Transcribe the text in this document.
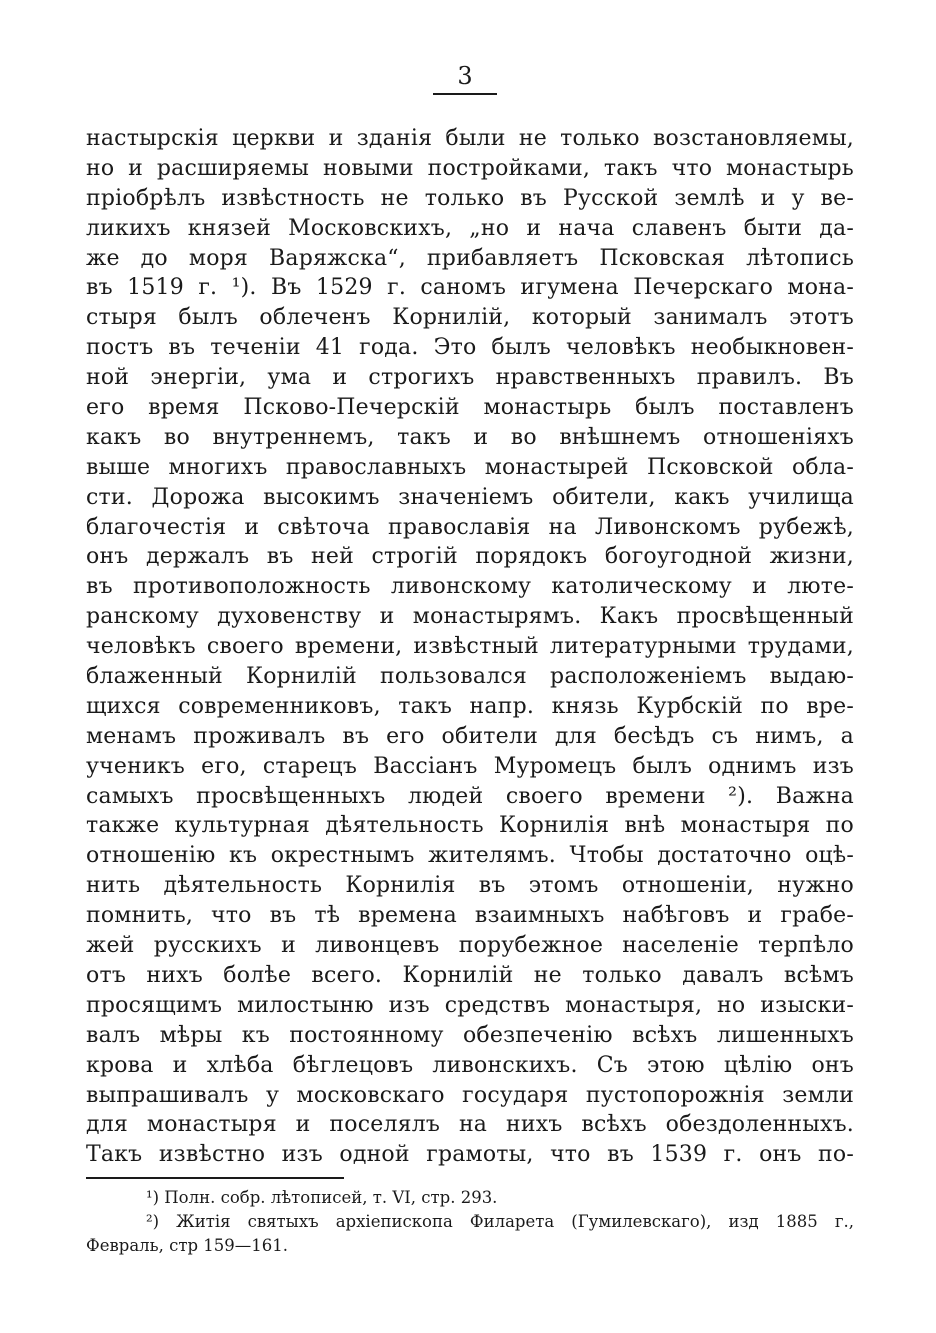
3
настырскія церкви и зданія были не только возстановляемы,
но и расширяемы новыми постройками, такъ что монастырь
пріобрѣлъ извѣстность не только въ Русской землѣ и у ве-
ликихъ князей Московскихъ, „но и нача славенъ быти да-
же до моря Варяжска“, прибавляетъ Псковская лѣтопись
въ 1519 г. ¹). Въ 1529 г. саномъ игумена Печерскаго мона-
стыря былъ облеченъ Корнилій, который занималъ этотъ
постъ въ теченіи 41 года. Это былъ человѣкъ необыкновен-
ной энергіи, ума и строгихъ нравственныхъ правилъ. Въ
его время Псково-Печерскій монастырь былъ поставленъ
какъ во внутреннемъ, такъ и во внѣшнемъ отношеніяхъ
выше многихъ православныхъ монастырей Псковской обла-
сти. Дорожа высокимъ значеніемъ обители, какъ училища
благочестія и свѣточа православія на Ливонскомъ рубежѣ,
онъ держалъ въ ней строгій порядокъ богоугодной жизни,
въ противоположность ливонскому католическому и люте-
ранскому духовенству и монастырямъ. Какъ просвѣщенный
человѣкъ своего времени, извѣстный литературными трудами,
блаженный Корнилій пользовался расположеніемъ выдаю-
щихся современниковъ, такъ напр. князь Курбскій по вре-
менамъ проживалъ въ его обители для бесѣдъ съ нимъ, а
ученикъ его, старецъ Вассіанъ Муромецъ былъ однимъ изъ
самыхъ просвѣщенныхъ людей своего времени ²). Важна
также культурная дѣятельность Корнилія внѣ монастыря по
отношенію къ окрестнымъ жителямъ. Чтобы достаточно оцѣ-
нить дѣятельность Корнилія въ этомъ отношеніи, нужно
помнить, что въ тѣ времена взаимныхъ набѣговъ и грабе-
жей русскихъ и ливонцевъ порубежное населеніе терпѣло
отъ нихъ болѣе всего. Корнилій не только давалъ всѣмъ
просящимъ милостыню изъ средствъ монастыря, но изыски-
валъ мѣры къ постоянному обезпеченію всѣхъ лишенныхъ
крова и хлѣба бѣглецовъ ливонскихъ. Съ этою цѣлію онъ
выпрашивалъ у московскаго государя пустопорожнія земли
для монастыря и поселялъ на нихъ всѣхъ обездоленныхъ.
Такъ извѣстно изъ одной грамоты, что въ 1539 г. онъ по-
¹) Полн. собр. лѣтописей, т. VI, стр. 293.
²) Житія святыхъ архіепископа Филарета (Гумилевскаго), изд 1885 г.,
Февраль, стр 159—161.
